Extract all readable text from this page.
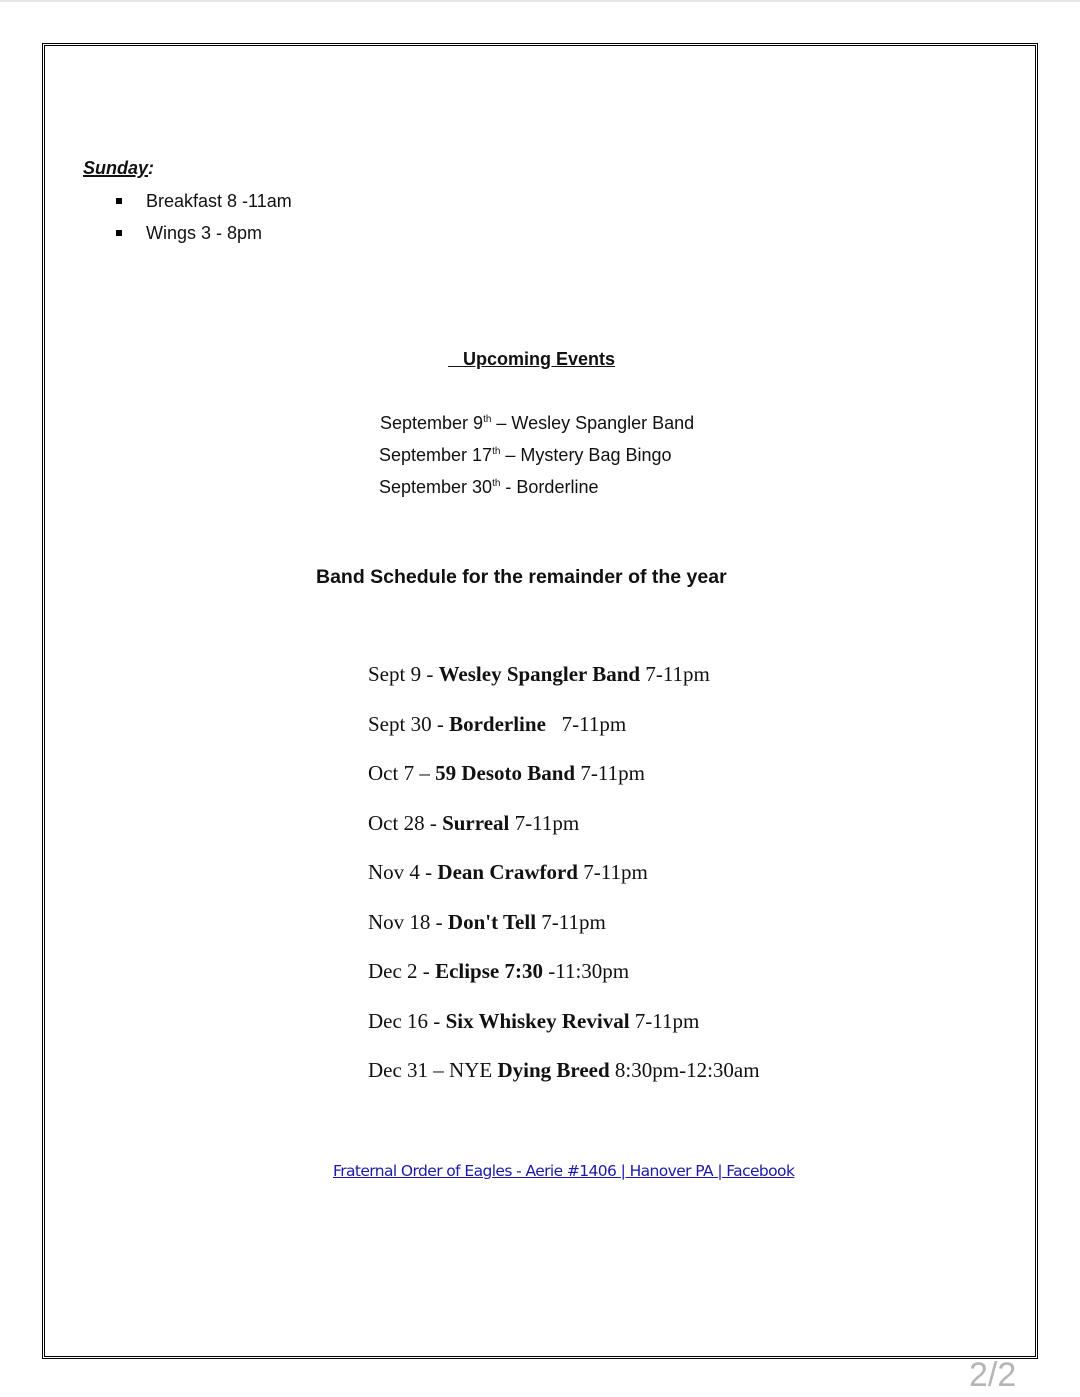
Sunday:
Breakfast 8 -11am
Wings 3 - 8pm
Upcoming Events
September 9th – Wesley Spangler Band
September 17th – Mystery Bag Bingo
September 30th - Borderline
Band Schedule for the remainder of the year
Sept 9 - Wesley Spangler Band 7-11pm
Sept 30 - Borderline   7-11pm
Oct 7 – 59 Desoto Band 7-11pm
Oct 28 - Surreal 7-11pm
Nov 4 - Dean Crawford 7-11pm
Nov 18 - Don't Tell 7-11pm
Dec 2 - Eclipse 7:30 -11:30pm
Dec 16 - Six Whiskey Revival 7-11pm
Dec 31 – NYE Dying Breed 8:30pm-12:30am
Fraternal Order of Eagles - Aerie #1406 | Hanover PA | Facebook
2/2
